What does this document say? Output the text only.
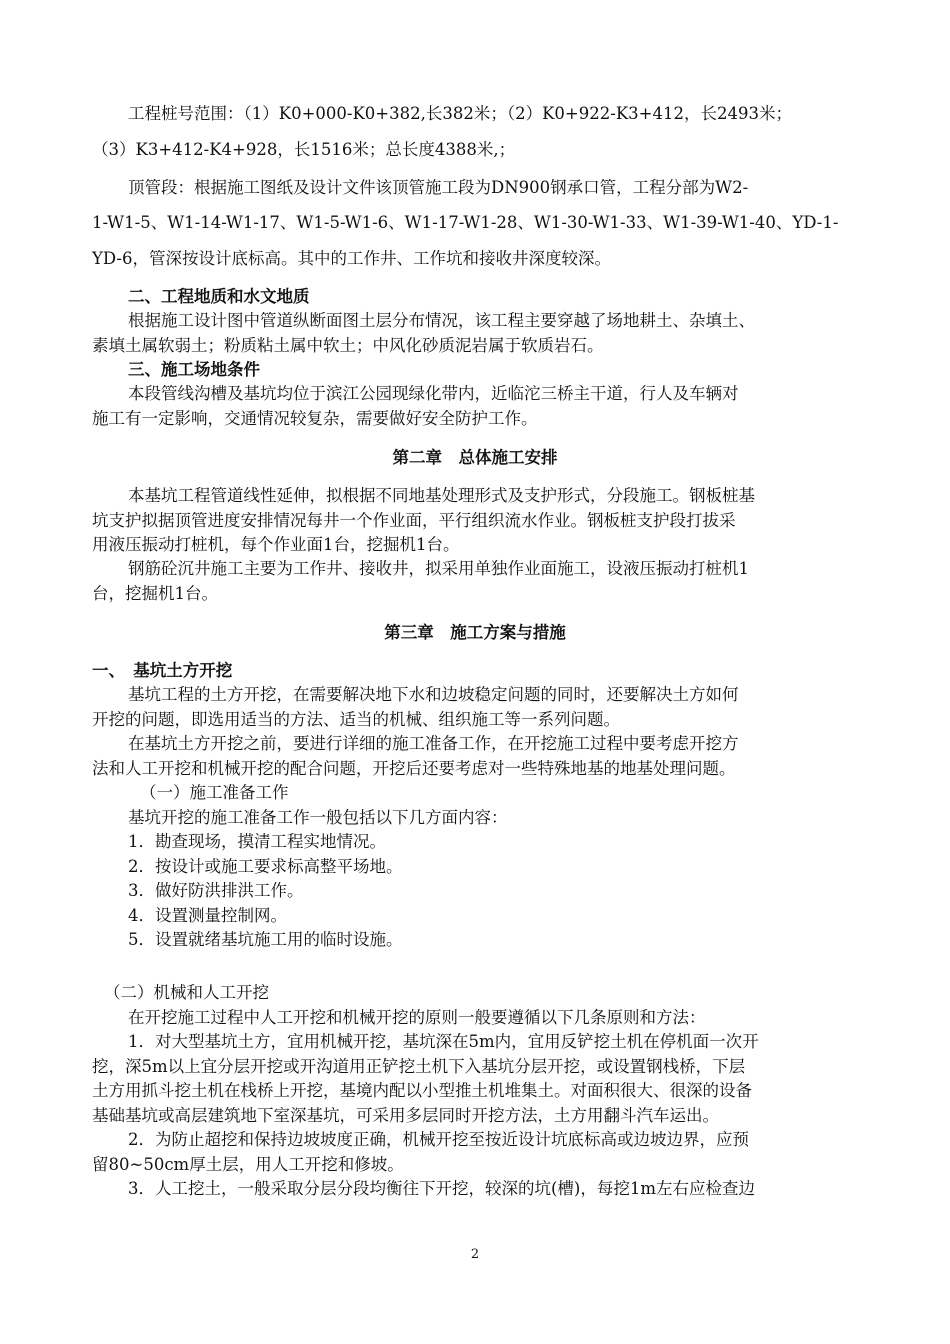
工程桩号范围：（1）K0+000-K0+382,长382米；（2）K0+922-K3+412，长2493米；
（3）K3+412-K4+928，长1516米；总长度4388米,；
顶管段：根据施工图纸及设计文件该顶管施工段为DN900钢承口管，工程分部为W2-
1-W1-5、W1-14-W1-17、W1-5-W1-6、W1-17-W1-28、W1-30-W1-33、W1-39-W1-40、YD-1-
YD-6，管深按设计底标高。其中的工作井、工作坑和接收井深度较深。
二、工程地质和水文地质
根据施工设计图中管道纵断面图土层分布情况，该工程主要穿越了场地耕土、杂填土、
素填土属软弱土；粉质粘土属中软土；中风化砂质泥岩属于软质岩石。
三、施工场地条件
本段管线沟槽及基坑均位于滨江公园现绿化带内，近临沱三桥主干道，行人及车辆对
施工有一定影响，交通情况较复杂，需要做好安全防护工作。
第二章　总体施工安排
本基坑工程管道线性延伸，拟根据不同地基处理形式及支护形式，分段施工。钢板桩基
坑支护拟据顶管进度安排情况每井一个作业面，平行组织流水作业。钢板桩支护段打拔采
用液压振动打桩机，每个作业面1台，挖掘机1台。
钢筋砼沉井施工主要为工作井、接收井，拟采用单独作业面施工，设液压振动打桩机1
台，挖掘机1台。
第三章　施工方案与措施
一、　基坑土方开挖
基坑工程的土方开挖，在需要解决地下水和边坡稳定问题的同时，还要解决土方如何
开挖的问题，即选用适当的方法、适当的机械、组织施工等一系列问题。
在基坑土方开挖之前，要进行详细的施工准备工作，在开挖施工过程中要考虑开挖方
法和人工开挖和机械开挖的配合问题，开挖后还要考虑对一些特殊地基的地基处理问题。
（一）施工准备工作
基坑开挖的施工准备工作一般包括以下几方面内容：
1．勘查现场，摸清工程实地情况。
2．按设计或施工要求标高整平场地。
3．做好防洪排洪工作。
4．设置测量控制网。
5．设置就绪基坑施工用的临时设施。
（二）机械和人工开挖
在开挖施工过程中人工开挖和机械开挖的原则一般要遵循以下几条原则和方法：
1．对大型基坑土方，宜用机械开挖，基坑深在5m内，宜用反铲挖土机在停机面一次开
挖，深5m以上宜分层开挖或开沟道用正铲挖土机下入基坑分层开挖，或设置钢栈桥，下层
土方用抓斗挖土机在栈桥上开挖，基境内配以小型推土机堆集土。对面积很大、很深的设备
基础基坑或高层建筑地下室深基坑，可采用多层同时开挖方法，土方用翻斗汽车运出。
2．为防止超挖和保持边坡坡度正确，机械开挖至按近设计坑底标高或边坡边界，应预
留80~50cm厚土层，用人工开挖和修坡。
3．人工挖土，一般采取分层分段均衡往下开挖，较深的坑(槽)，每挖1m左右应检查边
2
